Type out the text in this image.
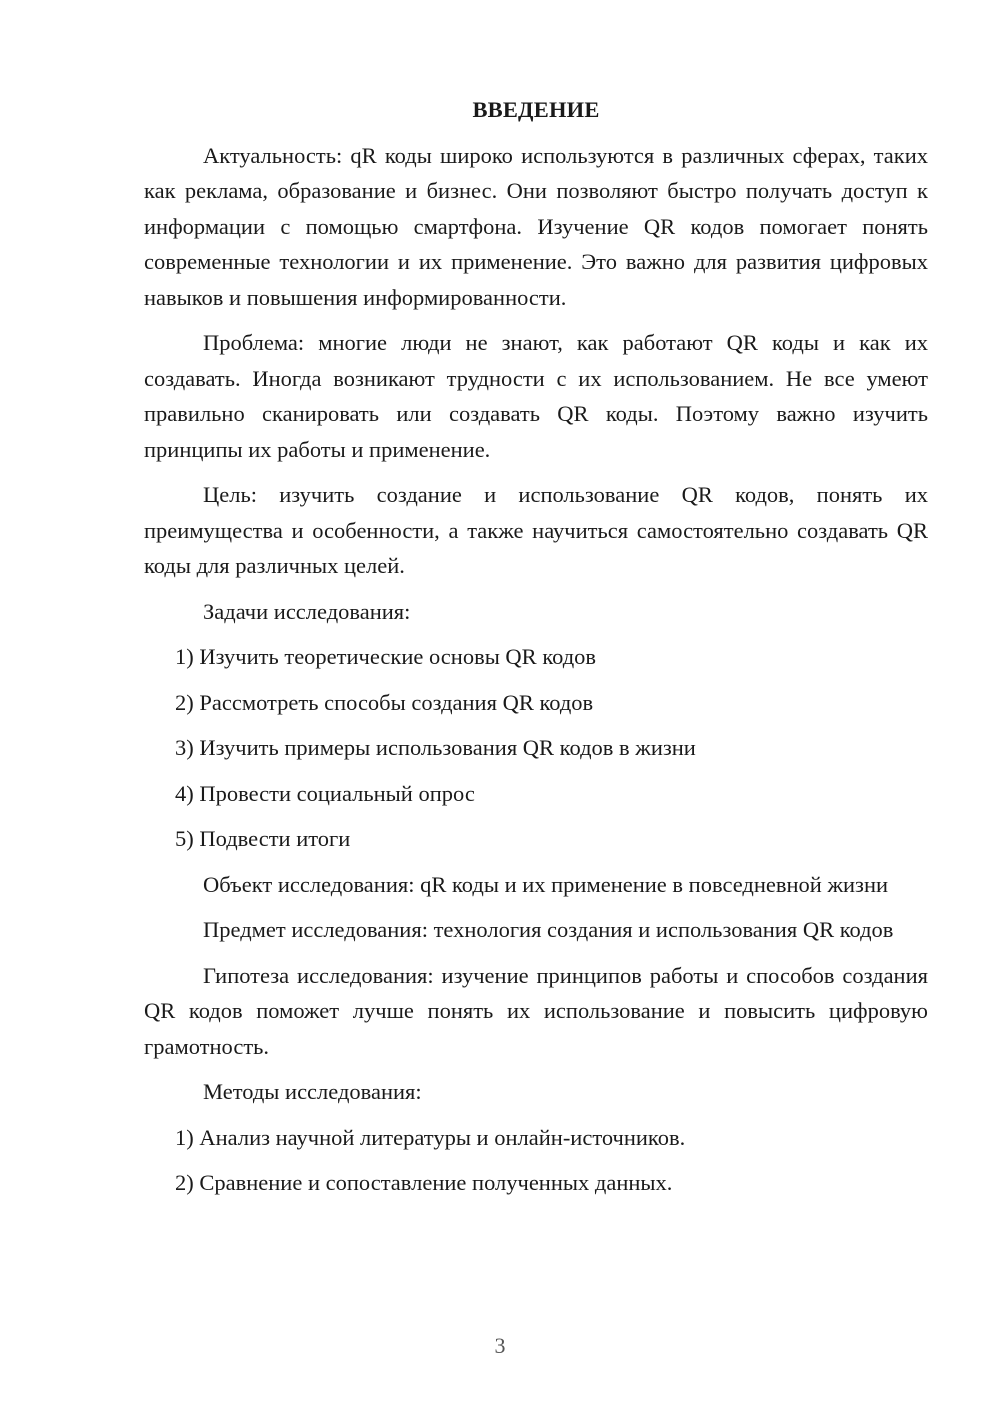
ВВЕДЕНИЕ

Актуальность: qR коды широко используются в различных сферах, таких как реклама, образование и бизнес. Они позволяют быстро получать доступ к информации с помощью смартфона. Изучение QR кодов помогает понять современные технологии и их применение. Это важно для развития цифровых навыков и повышения информированности.

Проблема: многие люди не знают, как работают QR коды и как их создавать. Иногда возникают трудности с их использованием. Не все умеют правильно сканировать или создавать QR коды. Поэтому важно изучить принципы их работы и применение.

Цель: изучить создание и использование QR кодов, понять их преимущества и особенности, а также научиться самостоятельно создавать QR коды для различных целей.

Задачи исследования:
1) Изучить теоретические основы QR кодов
2) Рассмотреть способы создания QR кодов
3) Изучить примеры использования QR кодов в жизни
4) Провести социальный опрос
5) Подвести итоги

Объект исследования: qR коды и их применение в повседневной жизни

Предмет исследования: технология создания и использования QR кодов

Гипотеза исследования: изучение принципов работы и способов создания QR кодов поможет лучше понять их использование и повысить цифровую грамотность.

Методы исследования:
1) Анализ научной литературы и онлайн-источников.
2) Сравнение и сопоставление полученных данных.
3
